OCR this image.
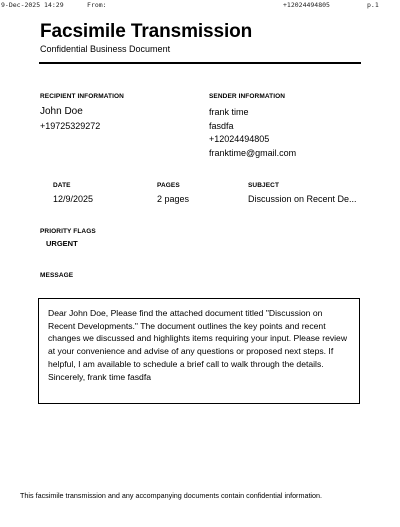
9-Dec-2025 14:29	From:	+12024494805	p.1
Facsimile Transmission
Confidential Business Document
RECIPIENT INFORMATION
John Doe
+19725329272
SENDER INFORMATION
frank time
fasdfa
+12024494805
franktime@gmail.com
DATE
12/9/2025
PAGES
2 pages
SUBJECT
Discussion on Recent De...
PRIORITY FLAGS
URGENT
MESSAGE
Dear John Doe, Please find the attached document titled "Discussion on Recent Developments." The document outlines the key points and recent changes we discussed and highlights items requiring your input. Please review at your convenience and advise of any questions or proposed next steps. If helpful, I am available to schedule a brief call to walk through the details. Sincerely, frank time fasdfa
This facsimile transmission and any accompanying documents contain confidential information.
